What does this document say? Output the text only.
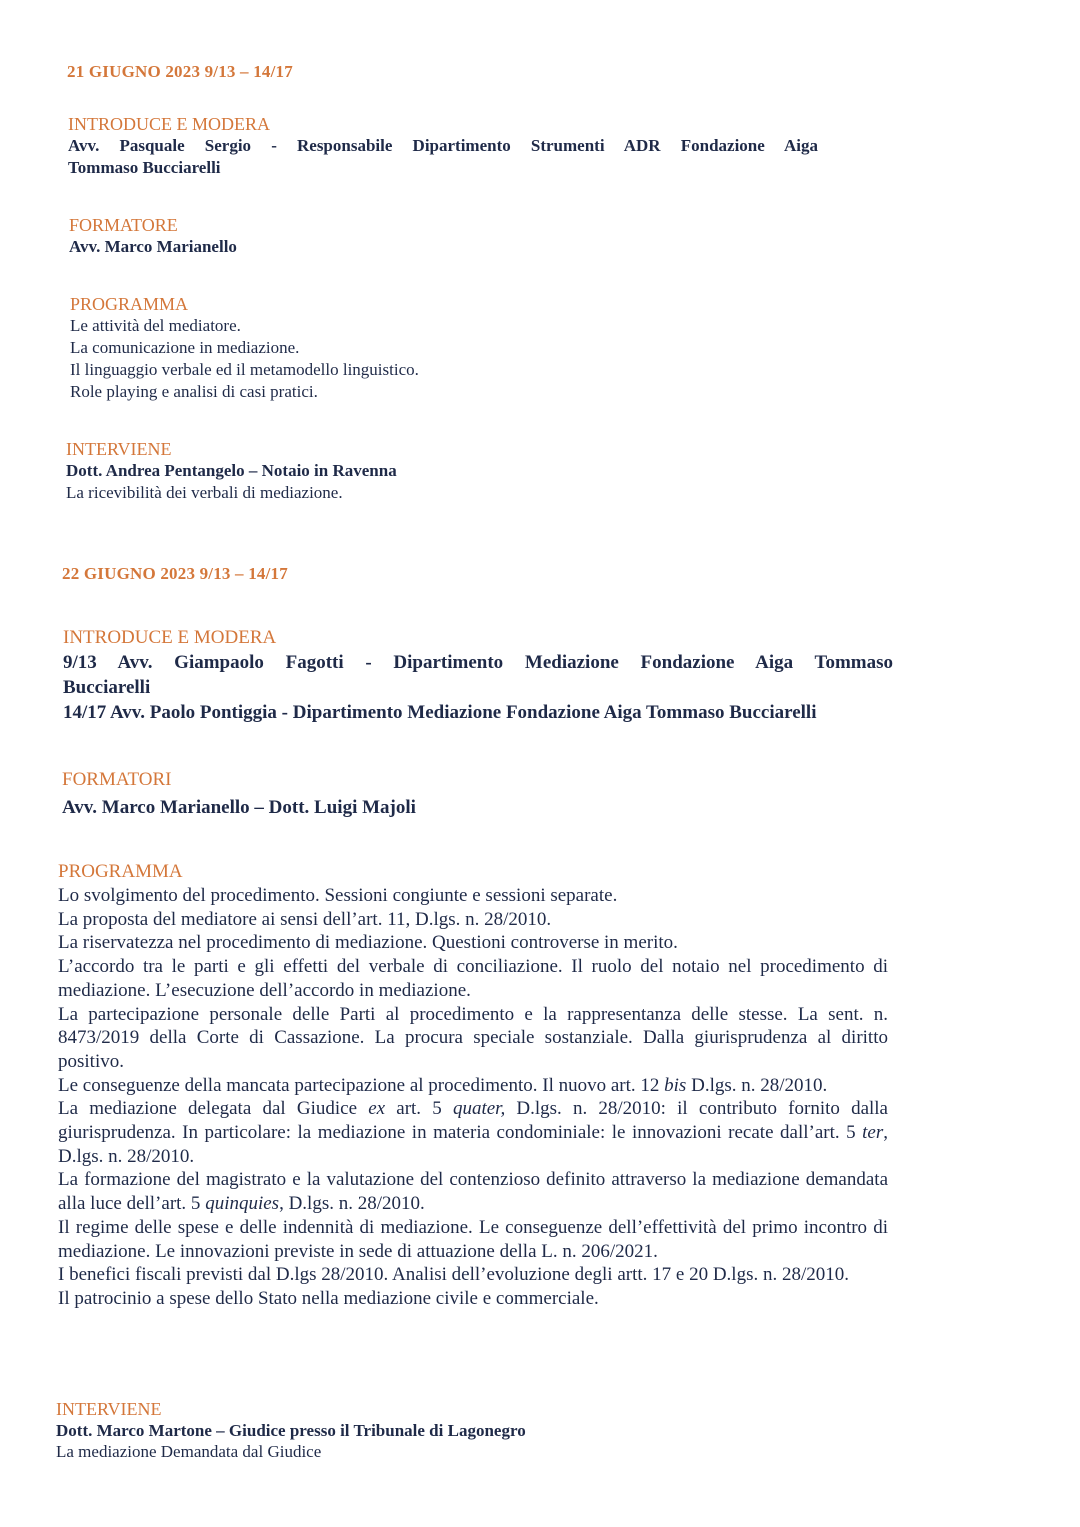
21 GIUGNO 2023 9/13 – 14/17
INTRODUCE E MODERA
Avv. Pasquale Sergio - Responsabile Dipartimento Strumenti ADR Fondazione Aiga
Tommaso Bucciarelli
FORMATORE
Avv. Marco Marianello
PROGRAMMA
Le attività del mediatore.
La comunicazione in mediazione.
Il linguaggio verbale ed il metamodello linguistico.
Role playing e analisi di casi pratici.
INTERVIENE
Dott. Andrea Pentangelo – Notaio in Ravenna
La ricevibilità dei verbali di mediazione.
22 GIUGNO 2023 9/13 – 14/17
INTRODUCE E MODERA
9/13 Avv. Giampaolo Fagotti - Dipartimento Mediazione Fondazione Aiga Tommaso
Bucciarelli
14/17 Avv. Paolo Pontiggia - Dipartimento Mediazione Fondazione Aiga Tommaso Bucciarelli
FORMATORI
Avv. Marco Marianello – Dott. Luigi Majoli
PROGRAMMA

Lo svolgimento del procedimento. Sessioni congiunte e sessioni separate.

La proposta del mediatore ai sensi dell’art. 11, D.lgs. n. 28/2010.

La riservatezza nel procedimento di mediazione. Questioni controverse in merito.

L’accordo tra le parti e gli effetti del verbale di conciliazione. Il ruolo del notaio nel procedimento di mediazione. L’esecuzione dell’accordo in mediazione.

La partecipazione personale delle Parti al procedimento e la rappresentanza delle stesse. La sent. n. 8473/2019 della Corte di Cassazione. La procura speciale sostanziale. Dalla giurisprudenza al diritto positivo.

Le conseguenze della mancata partecipazione al procedimento. Il nuovo art. 12 bis D.lgs. n. 28/2010.

La mediazione delegata dal Giudice ex art. 5 quater, D.lgs. n. 28/2010: il contributo fornito dalla giurisprudenza. In particolare: la mediazione in materia condominiale: le innovazioni recate dall’art. 5 ter, D.lgs. n. 28/2010.

La formazione del magistrato e la valutazione del contenzioso definito attraverso la mediazione demandata alla luce dell’art. 5 quinquies, D.lgs. n. 28/2010.

Il regime delle spese e delle indennità di mediazione. Le conseguenze dell’effettività del primo incontro di mediazione. Le innovazioni previste in sede di attuazione della L. n. 206/2021.

I benefici fiscali previsti dal D.lgs 28/2010. Analisi dell’evoluzione degli artt. 17 e 20 D.lgs. n. 28/2010.

Il patrocinio a spese dello Stato nella mediazione civile e commerciale.

INTERVIENE
Dott. Marco Martone – Giudice presso il Tribunale di Lagonegro
La mediazione Demandata dal Giudice
